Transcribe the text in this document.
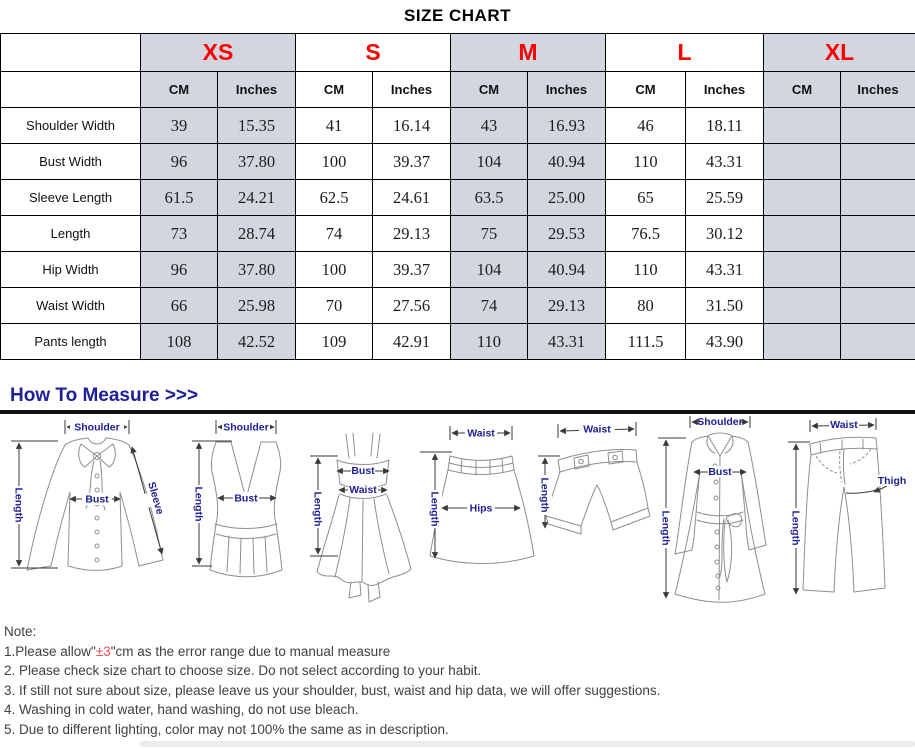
SIZE CHART
	XS		S		M		L		XL	
	CM	Inches	CM	Inches	CM	Inches	CM	Inches	CM	Inches
Shoulder Width	39	15.35	41	16.14	43	16.93	46	18.11		
Bust Width	96	37.80	100	39.37	104	40.94	110	43.31		
Sleeve Length	61.5	24.21	62.5	24.61	63.5	25.00	65	25.59		
Length	73	28.74	74	29.13	75	29.53	76.5	30.12		
Hip Width	96	37.80	100	39.37	104	40.94	110	43.31		
Waist Width	66	25.98	70	27.56	74	29.13	80	31.50		
Pants length	108	42.52	109	42.91	110	43.31	111.5	43.90		
How To Measure >>>
Shoulder
Length	Bust	Sleeve
Shoulder
Length	Bust	Length
Bust
Waist
Waist
Length	Hips
Waist
Length
Shoulder
Length
Bust
Waist
Length
Thigh
Note:
1.Please allow"±3"cm as the error range due to manual measure
2. Please check size chart to choose size. Do not select according to your habit.
3. If still not sure about size, please leave us your shoulder, bust, waist and hip data, we will offer suggestions.
4. Washing in cold water, hand washing, do not use bleach.
5. Due to different lighting, color may not 100% the same as in description.
